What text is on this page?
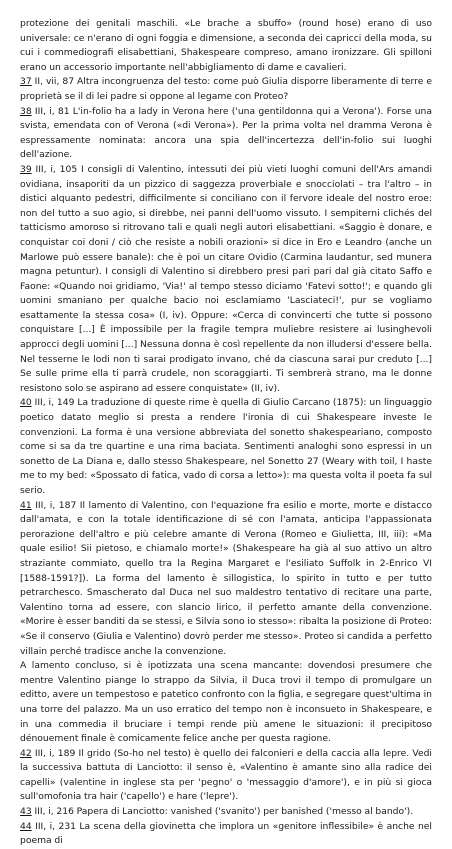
protezione dei genitali maschili. «Le brache a sbuffo» (round hose) erano di uso universale: ce n'erano di ogni foggia e dimensione, a seconda dei capricci della moda, su cui i commediografi elisabettiani, Shakespeare compreso, amano ironizzare. Gli spilloni erano un accessorio importante nell'abbigliamento di dame e cavalieri.

37 II, vii, 87 Altra incongruenza del testo: come può Giulia disporre liberamente di terre e proprietà se il di lei padre si oppone al legame con Proteo?

38 III, i, 81 L'in-folio ha a lady in Verona here ('una gentildonna qui a Verona'). Forse una svista, emendata con of Verona («di Verona»). Per la prima volta nel dramma Verona è espressamente nominata: ancora una spia dell'incertezza dell'in-folio sui luoghi dell'azione.

39 III, i, 105 I consigli di Valentino, intessuti dei più vieti luoghi comuni dell'Ars amandi ovidiana, insaporiti da un pizzico di saggezza proverbiale e snocciolati – tra l'altro – in distici alquanto pedestri, difficilmente si conciliano con il fervore ideale del nostro eroe: non del tutto a suo agio, si direbbe, nei panni dell'uomo vissuto. I sempiterni clichés del tatticismo amoroso si ritrovano tali e quali negli autori elisabettiani. «Saggio è donare, e conquistar coi doni / ciò che resiste a nobili orazioni» si dice in Ero e Leandro (anche un Marlowe può essere banale): che è poi un citare Ovidio (Carmina laudantur, sed munera magna petuntur). I consigli di Valentino si direbbero presi pari pari dal già citato Saffo e Faone: «Quando noi gridiamo, 'Via!' al tempo stesso diciamo 'Fatevi sotto!'; e quando gli uomini smaniano per qualche bacio noi esclamiamo 'Lasciateci!', pur se vogliamo esattamente la stessa cosa» (I, iv). Oppure: «Cerca di convincerti che tutte si possono conquistare [...] È impossibile per la fragile tempra muliebre resistere ai lusinghevoli approcci degli uomini [...] Nessuna donna è così repellente da non illudersi d'essere bella. Nel tesserne le lodi non ti sarai prodigato invano, ché da ciascuna sarai pur creduto [...] Se sulle prime ella ti parrà crudele, non scoraggiarti. Ti sembrerà strano, ma le donne resistono solo se aspirano ad essere conquistate» (II, iv).

40 III, i, 149 La traduzione di queste rime è quella di Giulio Carcano (1875): un linguaggio poetico datato meglio si presta a rendere l'ironia di cui Shakespeare investe le convenzioni. La forma è una versione abbreviata del sonetto shakespeariano, composto come si sa da tre quartine e una rima baciata. Sentimenti analoghi sono espressi in un sonetto de La Diana e, dallo stesso Shakespeare, nel Sonetto 27 (Weary with toil, I haste me to my bed: «Spossato di fatica, vado di corsa a letto»): ma questa volta il poeta fa sul serio.

41 III, i, 187 Il lamento di Valentino, con l'equazione fra esilio e morte, morte e distacco dall'amata, e con la totale identificazione di sé con l'amata, anticipa l'appassionata perorazione dell'altro e più celebre amante di Verona (Romeo e Giulietta, III, iii): «Ma quale esilio! Sii pietoso, e chiamalo morte!» (Shakespeare ha già al suo attivo un altro straziante commiato, quello tra la Regina Margaret e l'esiliato Suffolk in 2-Enrico VI [1588-1591?]). La forma del lamento è sillogistica, lo spirito in tutto e per tutto petrarchesco. Smascherato dal Duca nel suo maldestro tentativo di recitare una parte, Valentino torna ad essere, con slancio lirico, il perfetto amante della convenzione. «Morire è esser banditi da se stessi, e Silvia sono io stesso»: ribalta la posizione di Proteo: «Se il conservo (Giulia e Valentino) dovrò perder me stesso». Proteo si candida a perfetto villain perché tradisce anche la convenzione.

A lamento concluso, si è ipotizzata una scena mancante: dovendosi presumere che mentre Valentino piange lo strappo da Silvia, il Duca trovi il tempo di promulgare un editto, avere un tempestoso e patetico confronto con la figlia, e segregare quest'ultima in una torre del palazzo. Ma un uso erratico del tempo non è inconsueto in Shakespeare, e in una commedia il bruciare i tempi rende più amene le situazioni: il precipitoso dénouement finale è comicamente felice anche per questa ragione.

42 III, i, 189 Il grido (So-ho nel testo) è quello dei falconieri e della caccia alla lepre. Vedi la successiva battuta di Lanciotto: il senso è, «Valentino è amante sino alla radice dei capelli» (valentine in inglese sta per 'pegno' o 'messaggio d'amore'), e in più si gioca sull'omofonia tra hair ('capello') e hare ('lepre').

43 III, i, 216 Papera di Lanciotto: vanished ('svanito') per banished ('messo al bando').

44 III, i, 231 La scena della giovinetta che implora un «genitore inflessibile» è anche nel poema di
